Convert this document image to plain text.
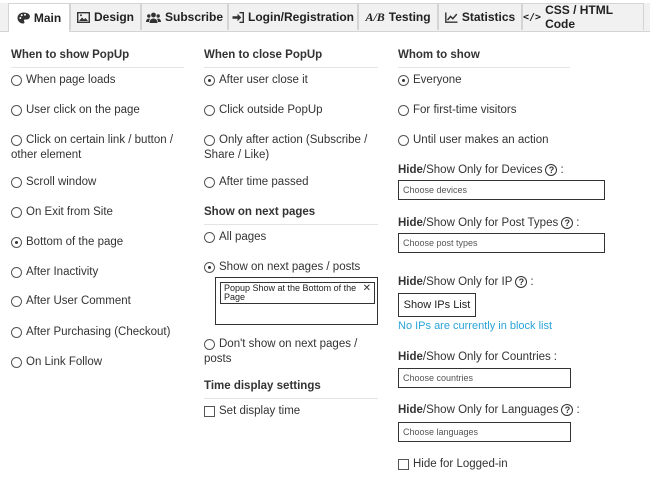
Main	Design	Subscribe Login/Registration A/B Testing	Statistics </> CSS / HTML Code
When to show PopUp
When page loads
User click on the page
Click on certain link / button / other element
Scroll window
On Exit from Site
Bottom of the page
After Inactivity
After User Comment
After Purchasing (Checkout)
On Link Follow
When to close PopUp
After user close it
Click outside PopUp
Only after action (Subscribe / Share / Like)
After time passed
Show on next pages
All pages
Show on next pages / posts
Popup Show at the Bottom of the Page
✕
Don't show on next pages / posts
Time display settings
Set display time
Whom to show
Everyone
For first-time visitors
Until user makes an action
Hide/Show Only for Devices ? :
Choose devices
Hide/Show Only for Post Types ? :
Choose post types
Hide/Show Only for IP ? :
Show IPs List
No IPs are currently in block list
Hide/Show Only for Countries :
Choose countries
Hide/Show Only for Languages ? :
Choose languages
Hide for Logged-in
